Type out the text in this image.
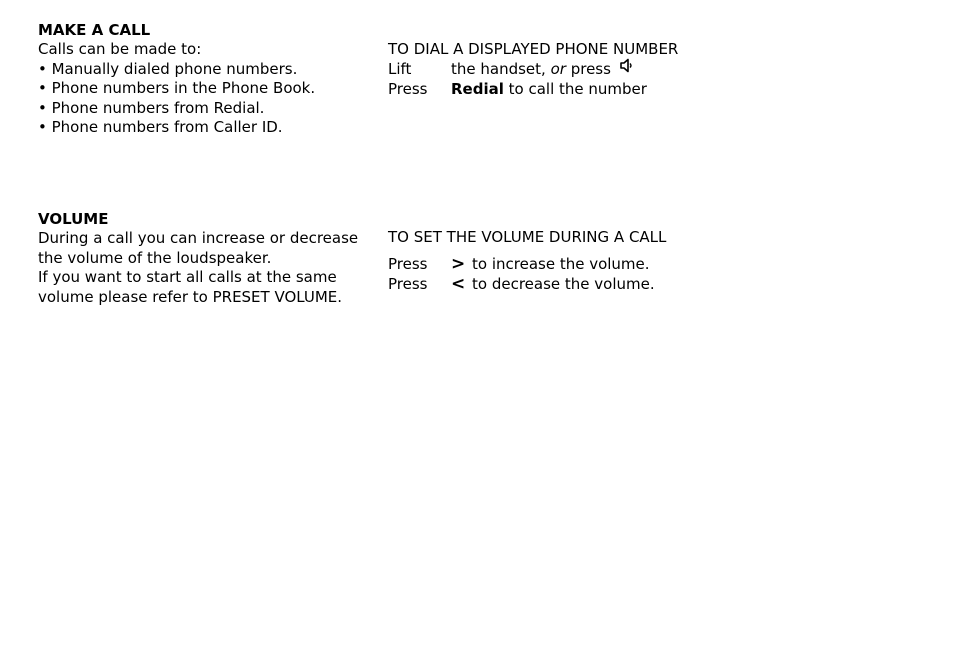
MAKE A CALL
Calls can be made to:
• Manually dialed phone numbers.
• Phone numbers in the Phone Book.
• Phone numbers from Redial.
• Phone numbers from Caller ID.
TO DIAL A DISPLAYED PHONE NUMBER
Lift	the handset, or press
Press	Redial to call the number
VOLUME
During a call you can increase or decrease
the volume of the loudspeaker.
If you want to start all calls at the same
volume please refer to PRESET VOLUME.
TO SET THE VOLUME DURING A CALL
Press	> to increase the volume.
Press	< to decrease the volume.
